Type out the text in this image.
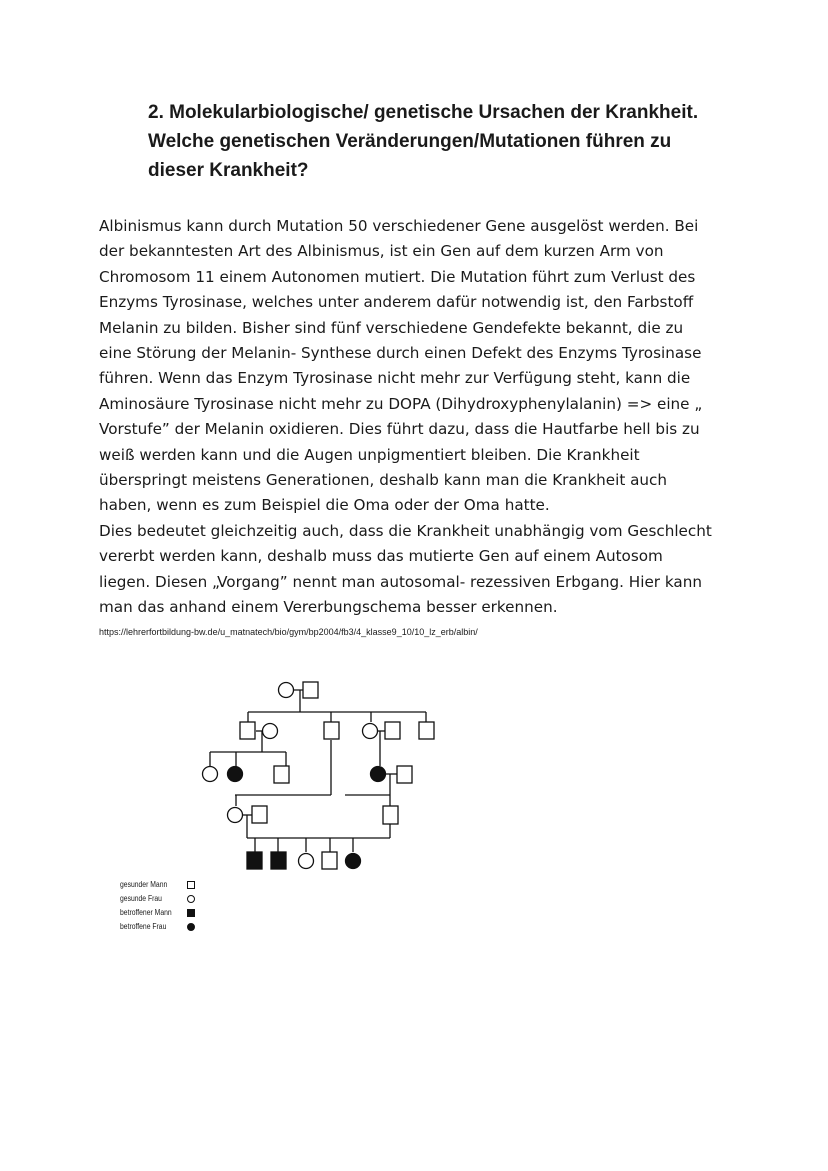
2. Molekularbiologische/ genetische Ursachen der Krankheit.
Welche genetischen Veränderungen/Mutationen führen zu
dieser Krankheit?
Albinismus kann durch Mutation 50 verschiedener Gene ausgelöst werden. Bei
der bekanntesten Art des Albinismus, ist ein Gen auf dem kurzen Arm von
Chromosom 11 einem Autonomen mutiert. Die Mutation führt zum Verlust des
Enzyms Tyrosinase, welches unter anderem dafür notwendig ist, den Farbstoff
Melanin zu bilden. Bisher sind fünf verschiedene Gendefekte bekannt, die zu
eine Störung der Melanin- Synthese durch einen Defekt des Enzyms Tyrosinase
führen. Wenn das Enzym Tyrosinase nicht mehr zur Verfügung steht, kann die
Aminosäure Tyrosinase nicht mehr zu DOPA (Dihydroxyphenylalanin) => eine „
Vorstufe” der Melanin oxidieren. Dies führt dazu, dass die Hautfarbe hell bis zu
weiß werden kann und die Augen unpigmentiert bleiben. Die Krankheit
überspringt meistens Generationen, deshalb kann man die Krankheit auch
haben, wenn es zum Beispiel die Oma oder der Oma hatte.
Dies bedeutet gleichzeitig auch, dass die Krankheit unabhängig vom Geschlecht
vererbt werden kann, deshalb muss das mutierte Gen auf einem Autosom
liegen. Diesen „Vorgang” nennt man autosomal- rezessiven Erbgang. Hier kann
man das anhand einem Vererbungschema besser erkennen.
https://lehrerfortbildung-bw.de/u_matnatech/bio/gym/bp2004/fb3/4_klasse9_10/10_lz_erb/albin/
gesunder Mann
gesunde Frau
betroffener Mann
betroffene Frau
